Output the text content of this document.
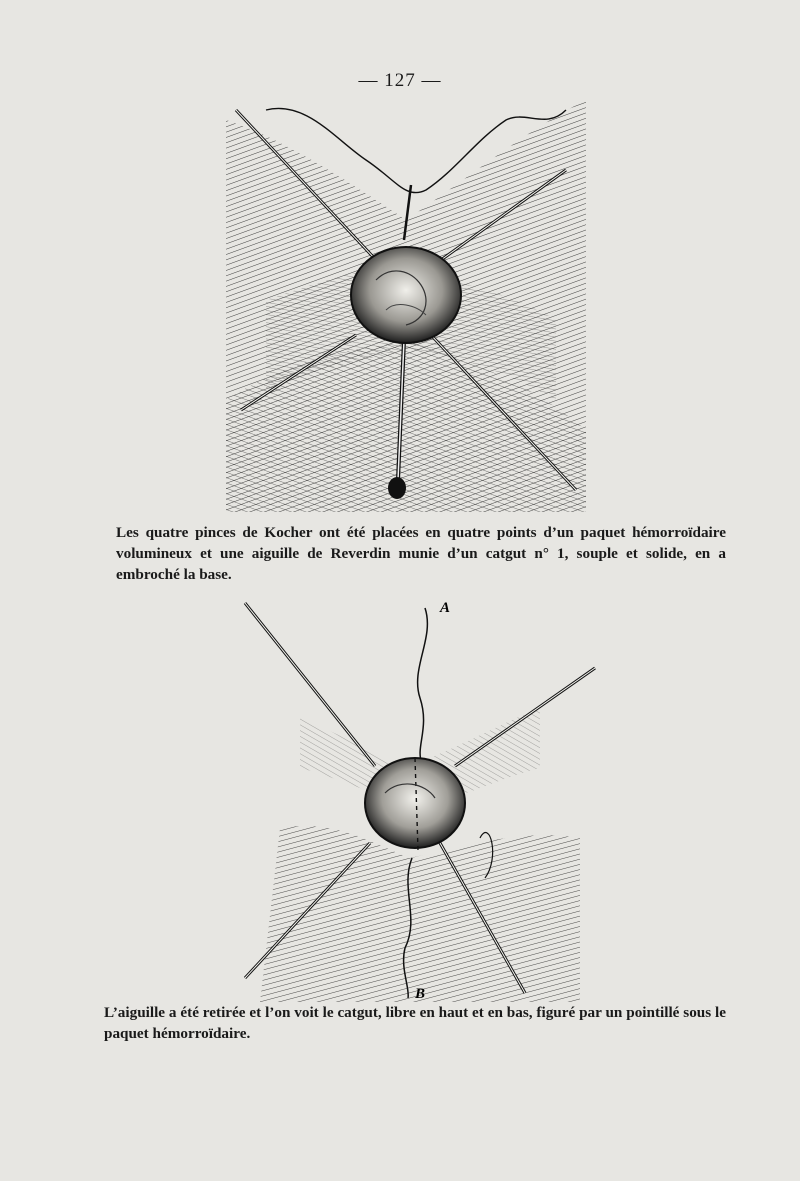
— 127 —
Les quatre pinces de Kocher ont été placées en quatre points d’un paquet hémorroïdaire volumineux et une aiguille de Reverdin munie d’un catgut n° 1, souple et solide, en a embroché la base.
A
B
L’aiguille a été retirée et l’on voit le catgut, libre en haut et en bas, figuré par un pointillé sous le paquet hémorroïdaire.
